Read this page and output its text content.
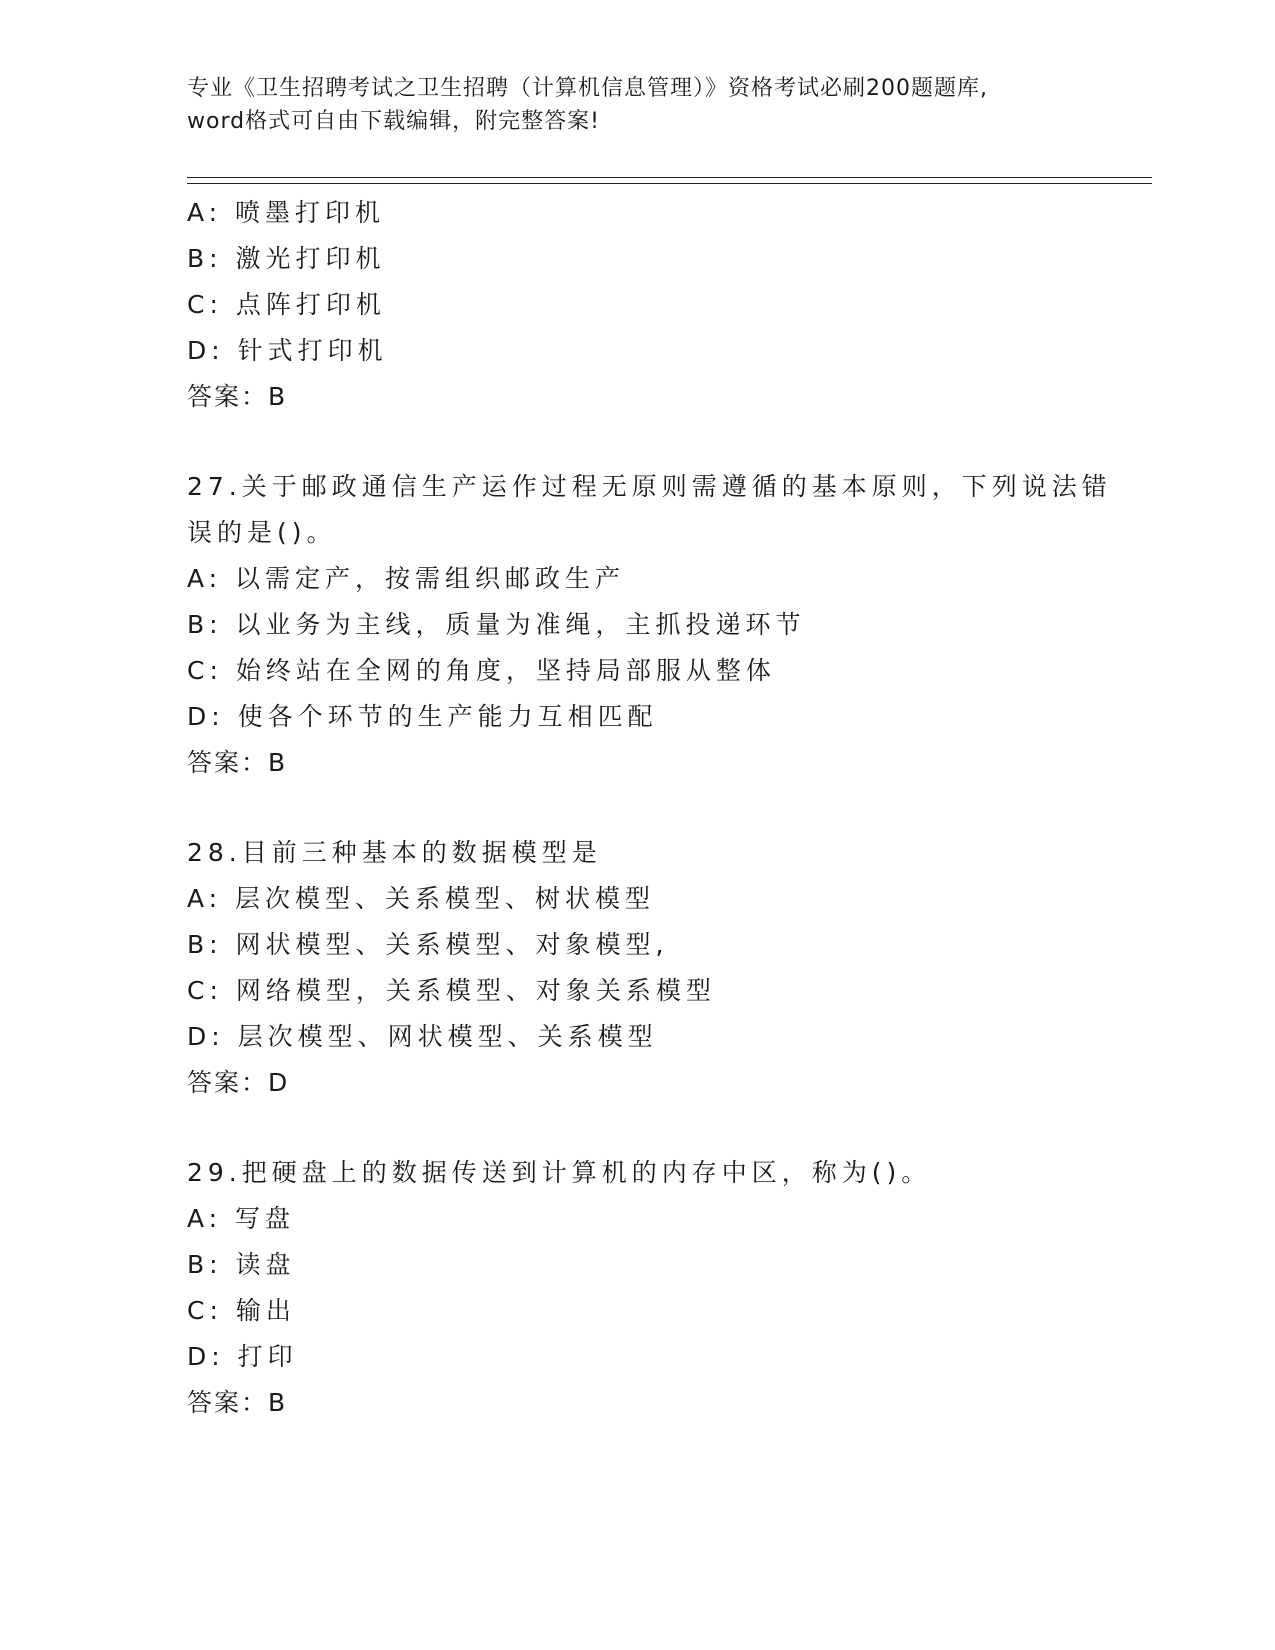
专业《卫生招聘考试之卫生招聘（计算机信息管理）》资格考试必刷200题题库,
word格式可自由下载编辑，附完整答案!
A: 喷墨打印机
B: 激光打印机
C: 点阵打印机
D: 针式打印机
答案：B
27.关于邮政通信生产运作过程无原则需遵循的基本原则，下列说法错
误的是()。
A: 以需定产，按需组织邮政生产
B: 以业务为主线，质量为准绳，主抓投递环节
C: 始终站在全网的角度，坚持局部服从整体
D: 使各个环节的生产能力互相匹配
答案：B
28.目前三种基本的数据模型是
A: 层次模型、关系模型、树状模型
B: 网状模型、关系模型、对象模型,
C: 网络模型，关系模型、对象关系模型
D: 层次模型、网状模型、关系模型
答案：D
29.把硬盘上的数据传送到计算机的内存中区，称为()。
A: 写盘
B: 读盘
C: 输出
D: 打印
答案：B
